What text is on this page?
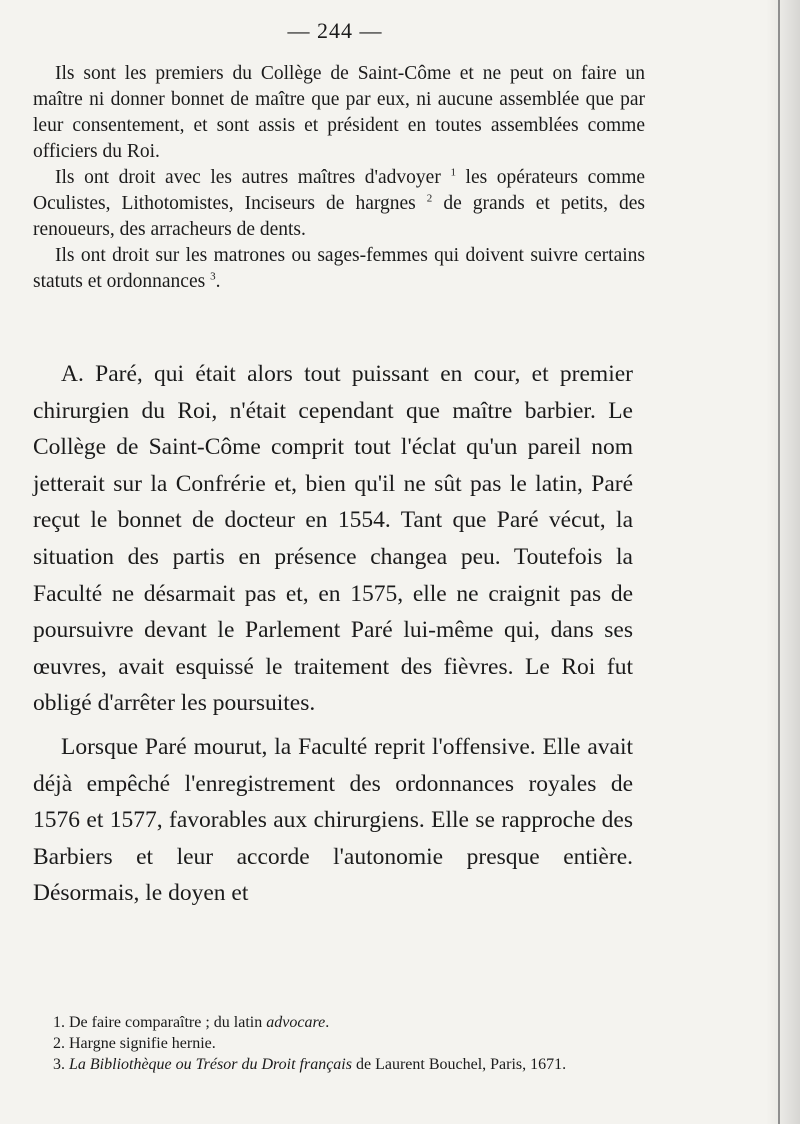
— 244 —

Ils sont les premiers du Collège de Saint-Côme et ne peut on faire un maître ni donner bonnet de maître que par eux, ni aucune assemblée que par leur consentement, et sont assis et président en toutes assemblées comme officiers du Roi.

Ils ont droit avec les autres maîtres d'advoyer $^1$ les opérateurs comme Oculistes, Lithotomistes, Inciseurs de hargnes $^2$ de grands et petits, des renoueurs, des arracheurs de dents.

Ils ont droit sur les matrones ou sages-femmes qui doivent suivre certains statuts et ordonnances $^3$.

A. Paré, qui était alors tout puissant en cour, et premier chirurgien du Roi, n'était cependant que maître barbier. Le Collège de Saint-Côme comprit tout l'éclat qu'un pareil nom jetterait sur la Confrérie et, bien qu'il ne sût pas le latin, Paré reçut le bonnet de docteur en 1554. Tant que Paré vécut, la situation des partis en présence changea peu. Toutefois la Faculté ne désarmait pas et, en 1575, elle ne craignit pas de poursuivre devant le Parlement Paré lui-même qui, dans ses œuvres, avait esquissé le traitement des fièvres. Le Roi fut obligé d'arrêter les poursuites.

Lorsque Paré mourut, la Faculté reprit l'offensive. Elle avait déjà empêché l'enregistrement des ordonnances royales de 1576 et 1577, favorables aux chirurgiens. Elle se rapproche des Barbiers et leur accorde l'autonomie presque entière. Désormais, le doyen et

1. De faire comparaître ; du latin advocare.

2. Hargne signifie hernie.

3. La Bibliothèque ou Trésor du Droit français de Laurent Bouchel, Paris, 1671.
